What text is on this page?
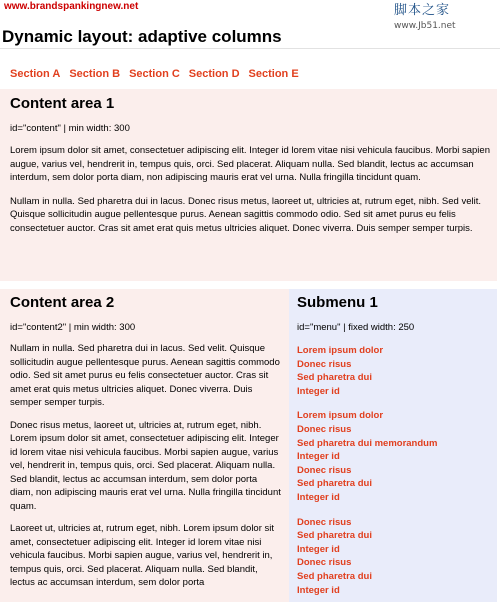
www.brandspankingnew.net	脚本之家
www.Jb51.net
Dynamic layout: adaptive columns
Section A Section B Section C Section D Section E
Content area 1

id="content" | min width: 300

Lorem ipsum dolor sit amet, consectetuer adipiscing elit. Integer id lorem vitae nisi vehicula faucibus. Morbi sapien augue, varius vel, hendrerit in, tempus quis, orci. Sed placerat. Aliquam nulla. Sed blandit, lectus ac accumsan interdum, sem dolor porta diam, non adipiscing mauris erat vel urna. Nulla fringilla tincidunt quam.

Nullam in nulla. Sed pharetra dui in lacus. Donec risus metus, laoreet ut, ultricies at, rutrum eget, nibh. Sed velit. Quisque sollicitudin augue pellentesque purus. Aenean sagittis commodo odio. Sed sit amet purus eu felis consectetuer auctor. Cras sit amet erat quis metus ultricies aliquet. Donec viverra. Duis semper semper turpis.

Content area 2

id="content2" | min width: 300

Nullam in nulla. Sed pharetra dui in lacus. Sed velit. Quisque sollicitudin augue pellentesque purus. Aenean sagittis commodo odio. Sed sit amet purus eu felis consectetuer auctor. Cras sit amet erat quis metus ultricies aliquet. Donec viverra. Duis semper semper turpis.

Donec risus metus, laoreet ut, ultricies at, rutrum eget, nibh. Lorem ipsum dolor sit amet, consectetuer adipiscing elit. Integer id lorem vitae nisi vehicula faucibus. Morbi sapien augue, varius vel, hendrerit in, tempus quis, orci. Sed placerat. Aliquam nulla. Sed blandit, lectus ac accumsan interdum, sem dolor porta diam, non adipiscing mauris erat vel urna. Nulla fringilla tincidunt quam.

Laoreet ut, ultricies at, rutrum eget, nibh. Lorem ipsum dolor sit amet, consectetuer adipiscing elit. Integer id lorem vitae nisi vehicula faucibus. Morbi sapien augue, varius vel, hendrerit in, tempus quis, orci. Sed placerat. Aliquam nulla. Sed blandit, lectus ac accumsan interdum, sem dolor porta

Submenu 1

id="menu" | fixed width: 250

Lorem ipsum dolor
Donec risus
Sed pharetra dui
Integer id
Lorem ipsum dolor
Donec risus
Sed pharetra dui memorandum
Integer id
Donec risus
Sed pharetra dui
Integer id
Donec risus
Sed pharetra dui
Integer id
Donec risus
Sed pharetra dui
Integer id
